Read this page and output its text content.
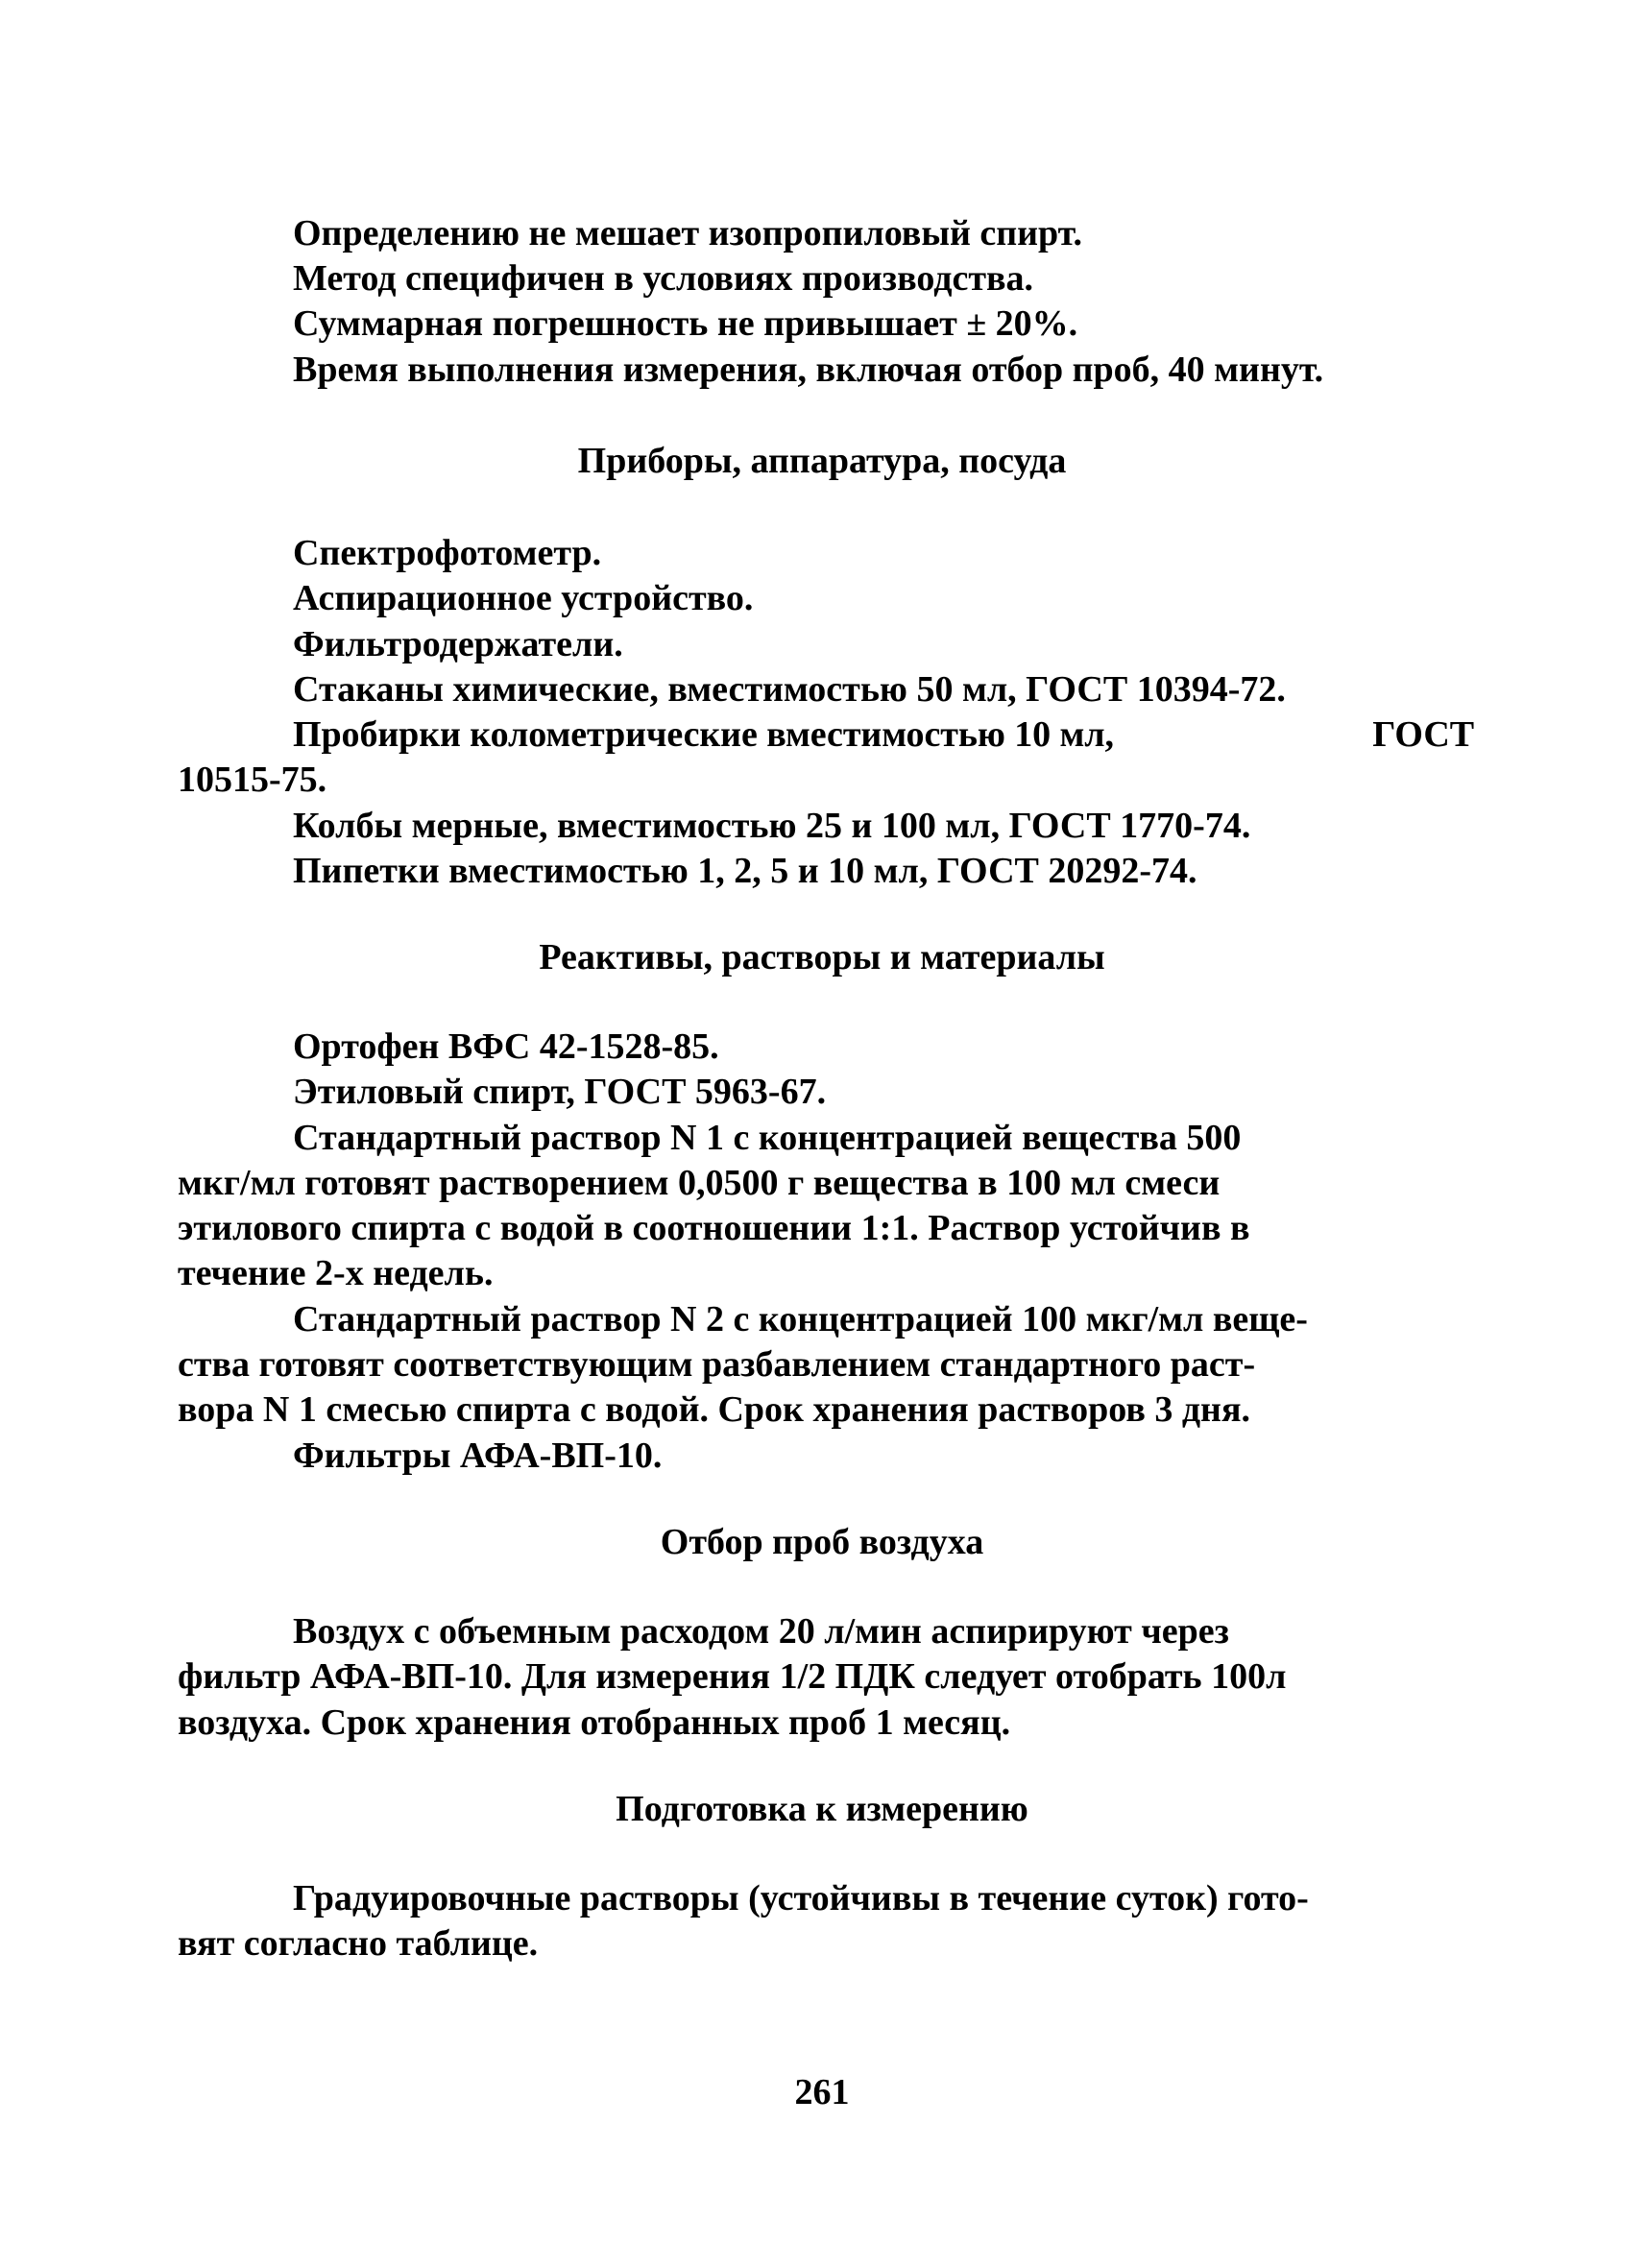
Определению не мешает изопропиловый спирт.
Метод специфичен в условиях производства.
Суммарная погрешность не привышает ± 20%.
Время выполнения измерения, включая отбор проб, 40 минут.
Приборы, аппаратура, посуда
Спектрофотометр.
Аспирационное устройство.
Фильтродержатели.
Стаканы химические, вместимостью 50 мл, ГОСТ 10394-72.
Пробирки колометрические вместимостью 10 мл,	ГОСТ
10515-75.
Колбы мерные, вместимостью 25 и 100 мл, ГОСТ 1770-74.
Пипетки вместимостью 1, 2, 5 и 10 мл, ГОСТ 20292-74.
Реактивы, растворы и материалы
Ортофен ВФС 42-1528-85.
Этиловый спирт, ГОСТ 5963-67.
Стандартный раствор N 1 с концентрацией вещества 500
мкг/мл готовят растворением 0,0500 г вещества в 100 мл смеси
этилового спирта с водой в соотношении 1:1. Раствор устойчив в
течение 2-х недель.
Стандартный раствор N 2 с концентрацией 100 мкг/мл веще-
ства готовят соответствующим разбавлением стандартного раст-
вора N 1 смесью спирта с водой. Срок хранения растворов 3 дня.
Фильтры АФА-ВП-10.
Отбор проб воздуха
Воздух с объемным расходом 20 л/мин аспирируют через
фильтр АФА-ВП-10. Для измерения 1/2 ПДК следует отобрать 100л
воздуха. Срок хранения отобранных проб 1 месяц.
Подготовка к измерению
Градуировочные растворы (устойчивы в течение суток) гото-
вят согласно таблице.
261
